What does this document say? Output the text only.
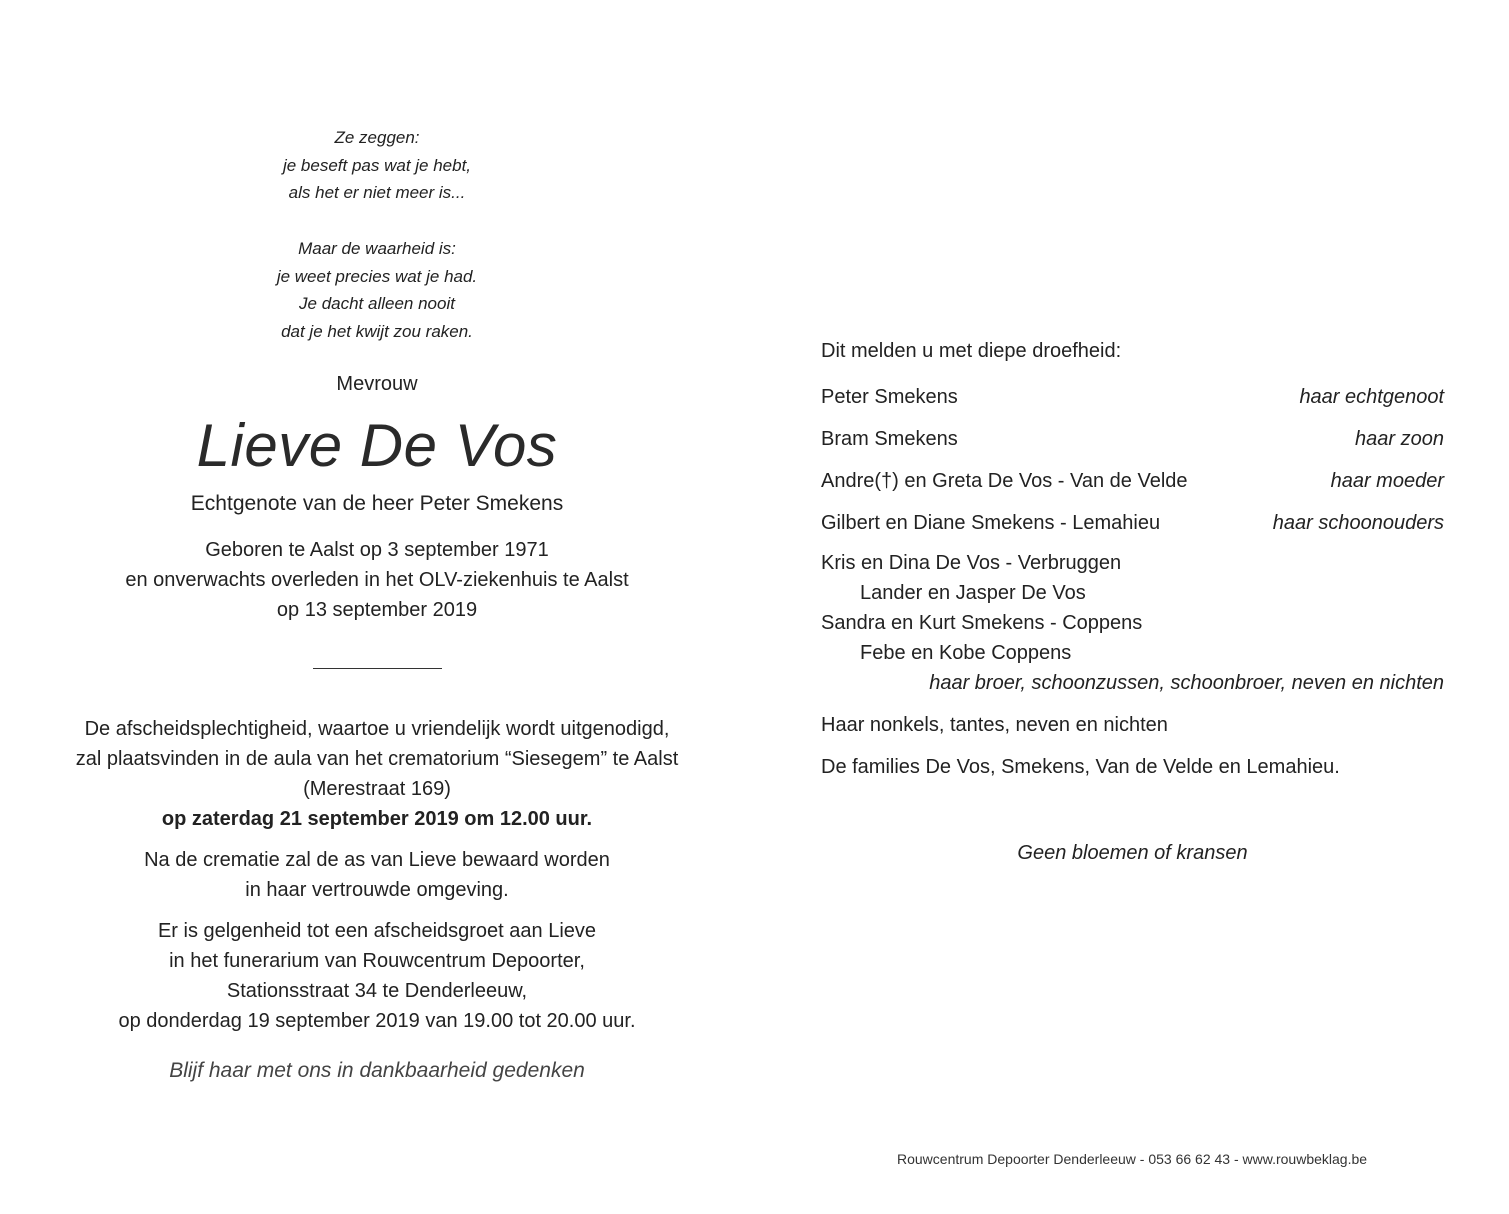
Ze zeggen:
je beseft pas wat je hebt,
als het er niet meer is...
Maar de waarheid is:
je weet precies wat je had.
Je dacht alleen nooit
dat je het kwijt zou raken.
Mevrouw
Lieve De Vos
Echtgenote van de heer Peter Smekens
Geboren te Aalst op 3 september 1971
en onverwachts overleden in het OLV-ziekenhuis te Aalst
op 13 september 2019

De afscheidsplechtigheid, waartoe u vriendelijk wordt uitgenodigd,
zal plaatsvinden in de aula van het crematorium “Siesegem” te Aalst
(Merestraat 169)
op zaterdag 21 september 2019 om 12.00 uur.

Na de crematie zal de as van Lieve bewaard worden
in haar vertrouwde omgeving.

Er is gelgenheid tot een afscheidsgroet aan Lieve
in het funerarium van Rouwcentrum Depoorter,
Stationsstraat 34 te Denderleeuw,
op donderdag 19 september 2019 van 19.00 tot 20.00 uur.

Blijf haar met ons in dankbaarheid gedenken
Dit melden u met diepe droefheid:
Peter Smekens	haar echtgenoot
Bram Smekens	haar zoon
Andre(†) en Greta De Vos - Van de Velde	haar moeder
Gilbert en Diane Smekens - Lemahieu	haar schoonouders
Kris en Dina De Vos - Verbruggen
Lander en Jasper De Vos
Sandra en Kurt Smekens - Coppens
Febe en Kobe Coppens
haar broer, schoonzussen, schoonbroer, neven en nichten
Haar nonkels, tantes, neven en nichten
De families De Vos, Smekens, Van de Velde en Lemahieu.
Geen bloemen of kransen
Rouwcentrum Depoorter Denderleeuw - 053 66 62 43 - www.rouwbeklag.be
